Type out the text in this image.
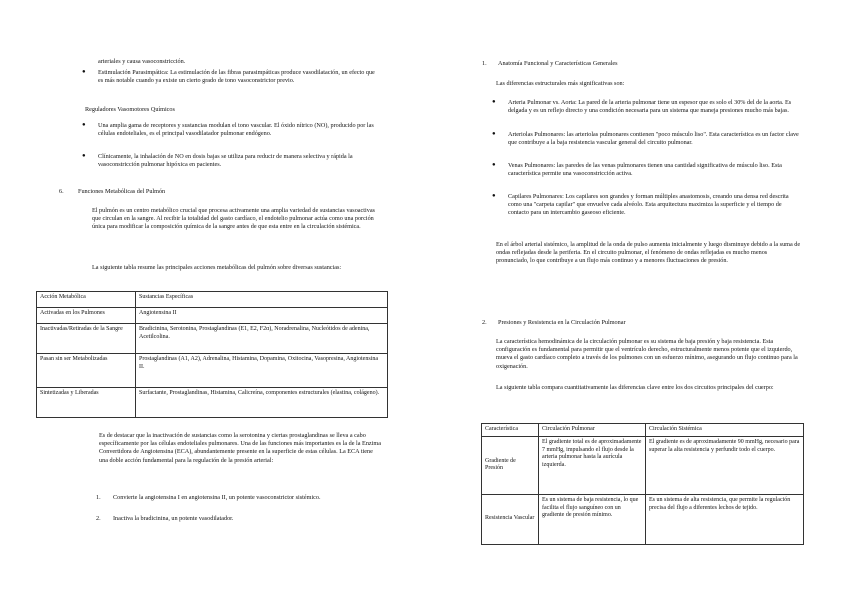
arteriales y causa vasoconstricción.

● Estimulación Parasimpática: La estimulación de las fibras parasimpáticas produce vasodilatación, un efecto que es más notable cuando ya existe un cierto grado de tono vasoconstrictor previo.

Reguladores Vasomotores Químicos

● Una amplia gama de receptores y sustancias modulan el tono vascular. El óxido nítrico (NO), producido por las células endoteliales, es el principal vasodilatador pulmonar endógeno.

● Clínicamente, la inhalación de NO en dosis bajas se utiliza para reducir de manera selectiva y rápida la vasoconstricción pulmonar hipóxica en pacientes.

6. Funciones Metabólicas del Pulmón

El pulmón es un centro metabólico crucial que procesa activamente una amplia variedad de sustancias vasoactivas que circulan en la sangre. Al recibir la totalidad del gasto cardíaco, el endotelio pulmonar actúa como una porción única para modificar la composición química de la sangre antes de que esta entre en la circulación sistémica.

La siguiente tabla resume las principales acciones metabólicas del pulmón sobre diversas sustancias:

Acción Metabólica	Sustancias Específicas
Activadas en los Pulmones	Angiotensina II
Inactivadas/Retiradas de la Sangre	Bradicinina, Serotonina, Prostaglandinas (E1, E2, F2α), Noradrenalina, Nucleótidos de adenina, Acetilcolina.
Pasan sin ser Metabolizadas	Prostaglandinas (A1, A2), Adrenalina, Histamina, Dopamina, Oxitocina, Vasopresina, Angiotensina II.
Sintetizadas y Liberadas	Surfactante, Prostaglandinas, Histamina, Calicreína, componentes estructurales (elastina, colágeno).

Es de destacar que la inactivación de sustancias como la serotonina y ciertas prostaglandinas se lleva a cabo específicamente por las células endoteliales pulmonares. Una de las funciones más importantes es la de la Enzima Convertidora de Angiotensina (ECA), abundantemente presente en la superficie de estas células. La ECA tiene una doble acción fundamental para la regulación de la presión arterial:

1. Convierte la angiotensina I en angiotensina II, un potente vasoconstrictor sistémico.

2. Inactiva la bradicinina, un potente vasodilatador.

1. Anatomía Funcional y Características Generales

Las diferencias estructurales más significativas son:

● Arteria Pulmonar vs. Aorta: La pared de la arteria pulmonar tiene un espesor que es solo el 30% del de la aorta. Es delgada y es un reflejo directo y una condición necesaria para un sistema que maneja presiones mucho más bajas.

● Arteriolas Pulmonares: las arteriolas pulmonares contienen "poco músculo liso". Esta característica es un factor clave que contribuye a la baja resistencia vascular general del circuito pulmonar.

● Venas Pulmonares: las paredes de las venas pulmonares tienen una cantidad significativa de músculo liso. Esta característica permite una vasoconstricción activa.

● Capilares Pulmonares: Los capilares son grandes y forman múltiples anastomosis, creando una densa red descrita como una "carpeta capilar" que envuelve cada alvéolo. Esta arquitectura maximiza la superficie y el tiempo de contacto para un intercambio gaseoso eficiente.

En el árbol arterial sistémico, la amplitud de la onda de pulso aumenta inicialmente y luego disminuye debido a la suma de ondas reflejadas desde la periferia. En el circuito pulmonar, el fenómeno de ondas reflejadas es mucho menos pronunciado, lo que contribuye a un flujo más continuo y a menores fluctuaciones de presión.

2. Presiones y Resistencia en la Circulación Pulmonar

La característica hemodinámica de la circulación pulmonar es su sistema de baja presión y baja resistencia. Esta configuración es fundamental para permitir que el ventrículo derecho, estructuralmente menos potente que el izquierdo, mueva el gasto cardíaco completo a través de los pulmones con un esfuerzo mínimo, asegurando un flujo continuo para la oxigenación.

La siguiente tabla compara cuantitativamente las diferencias clave entre los dos circuitos principales del cuerpo:

Característica	Circulación Pulmonar	Circulación Sistémica
Gradiente de Presión	El gradiente total es de aproximadamente 7 mmHg, impulsando el flujo desde la arteria pulmonar hasta la aurícula izquierda.	El gradiente es de aproximadamente 90 mmHg, necesario para superar la alta resistencia y perfundir todo el cuerpo.
Resistencia Vascular	Es un sistema de baja resistencia, lo que facilita el flujo sanguíneo con un gradiente de presión mínimo.	Es un sistema de alta resistencia, que permite la regulación precisa del flujo a diferentes lechos de tejido.
